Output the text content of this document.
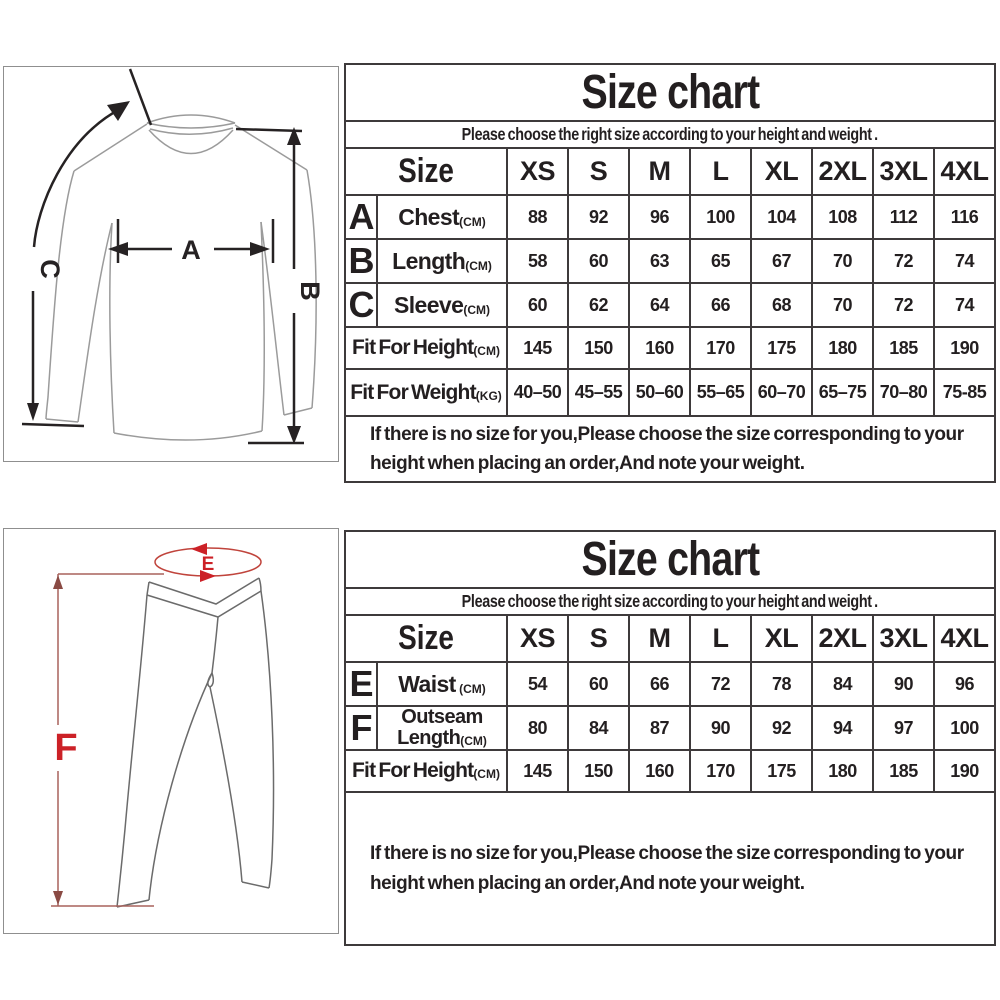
A
B
C
Size chart									
Please choose the right size according to your height and weight .									
Size		XS	S	M	L	XL	2XL	3XL	4XL
A	Chest(CM)	88	92	96	100	104	108	112	116
B	Length(CM)	58	60	63	65	67	70	72	74
C	Sleeve(CM)	60	62	64	66	68	70	72	74
Fit For Height(CM)		145	150	160	170	175	180	185	190
Fit For Weight(KG)		40–50	45–55	50–60	55–65	60–70	65–75	70–80	75-85

If there is no size for you,Please choose the size corresponding to your height when placing an order,And note your weight.									
E
F
Size chart									
Please choose the right size according to your height and weight .									
Size		XS	S	M	L	XL	2XL	3XL	4XL
E	Waist (CM)	54	60	66	72	78	84	90	96
F	Outseam Length(CM)	80	84	87	90	92	94	97	100
Fit For Height(CM)		145	150	160	170	175	180	185	190

If there is no size for you,Please choose the size corresponding to your height when placing an order,And note your weight.									
